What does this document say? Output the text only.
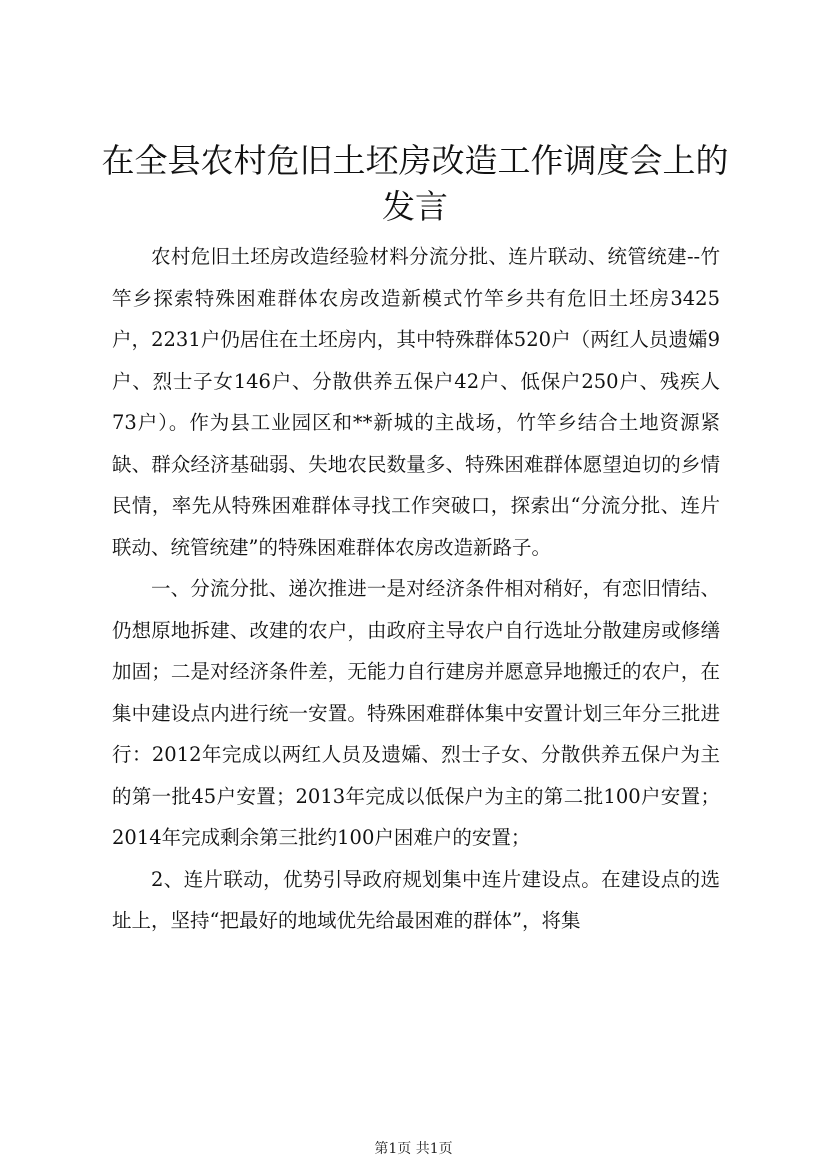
在全县农村危旧土坯房改造工作调度会上的发言

农村危旧土坯房改造经验材料分流分批、连片联动、统管统建--竹竿乡探索特殊困难群体农房改造新模式竹竿乡共有危旧土坯房3425户，2231户仍居住在土坯房内，其中特殊群体520户（两红人员遗孀9户、烈士子女146户、分散供养五保户42户、低保户250户、残疾人73户）。作为县工业园区和**新城的主战场，竹竿乡结合土地资源紧缺、群众经济基础弱、失地农民数量多、特殊困难群体愿望迫切的乡情民情，率先从特殊困难群体寻找工作突破口，探索出“分流分批、连片联动、统管统建”的特殊困难群体农房改造新路子。

一、分流分批、递次推进一是对经济条件相对稍好，有恋旧情结、仍想原地拆建、改建的农户，由政府主导农户自行选址分散建房或修缮加固；二是对经济条件差，无能力自行建房并愿意异地搬迁的农户，在集中建设点内进行统一安置。特殊困难群体集中安置计划三年分三批进行：2012年完成以两红人员及遗孀、烈士子女、分散供养五保户为主的第一批45户安置；2013年完成以低保户为主的第二批100户安置；2014年完成剩余第三批约100户困难户的安置；

2、连片联动，优势引导政府规划集中连片建设点。在建设点的选址上，坚持“把最好的地域优先给最困难的群体”，将集

第1页 共1页
